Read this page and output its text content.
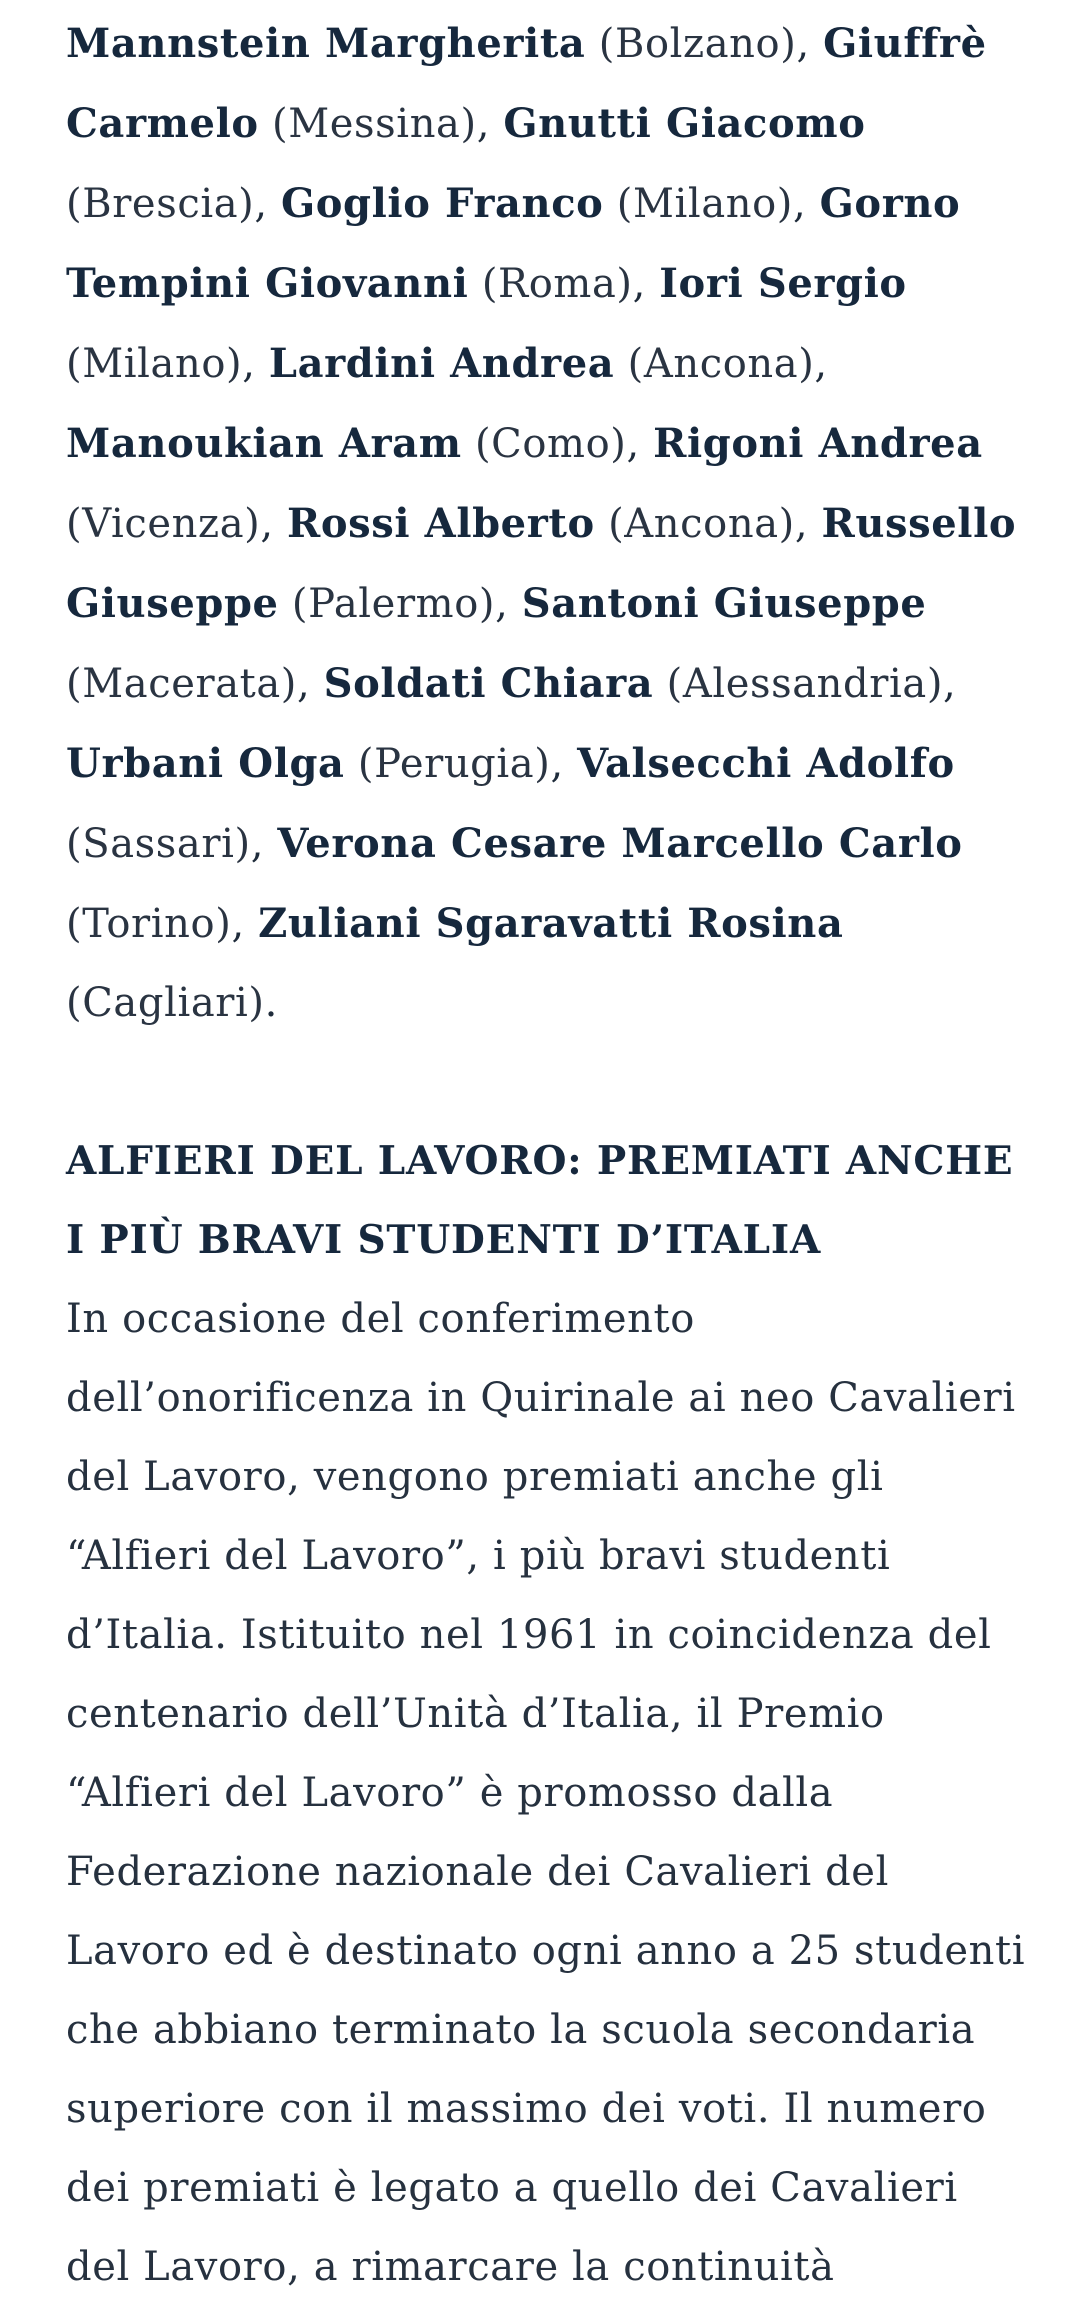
Mannstein Margherita (Bolzano), Giuffrè Carmelo (Messina), Gnutti Giacomo (Brescia), Goglio Franco (Milano), Gorno Tempini Giovanni (Roma), Iori Sergio (Milano), Lardini Andrea (Ancona), Manoukian Aram (Como), Rigoni Andrea (Vicenza), Rossi Alberto (Ancona), Russello Giuseppe (Palermo), Santoni Giuseppe (Macerata), Soldati Chiara (Alessandria), Urbani Olga (Perugia), Valsecchi Adolfo (Sassari), Verona Cesare Marcello Carlo (Torino), Zuliani Sgaravatti Rosina (Cagliari).

ALFIERI DEL LAVORO: PREMIATI ANCHE I PIÙ BRAVI STUDENTI D’ITALIA

In occasione del conferimento dell’onorificenza in Quirinale ai neo Cavalieri del Lavoro, vengono premiati anche gli “Alfieri del Lavoro”, i più bravi studenti d’Italia. Istituito nel 1961 in coincidenza del centenario dell’Unità d’Italia, il Premio “Alfieri del Lavoro” è promosso dalla Federazione nazionale dei Cavalieri del Lavoro ed è destinato ogni anno a 25 studenti che abbiano terminato la scuola secondaria superiore con il massimo dei voti. Il numero dei premiati è legato a quello dei Cavalieri del Lavoro, a rimarcare la continuità
